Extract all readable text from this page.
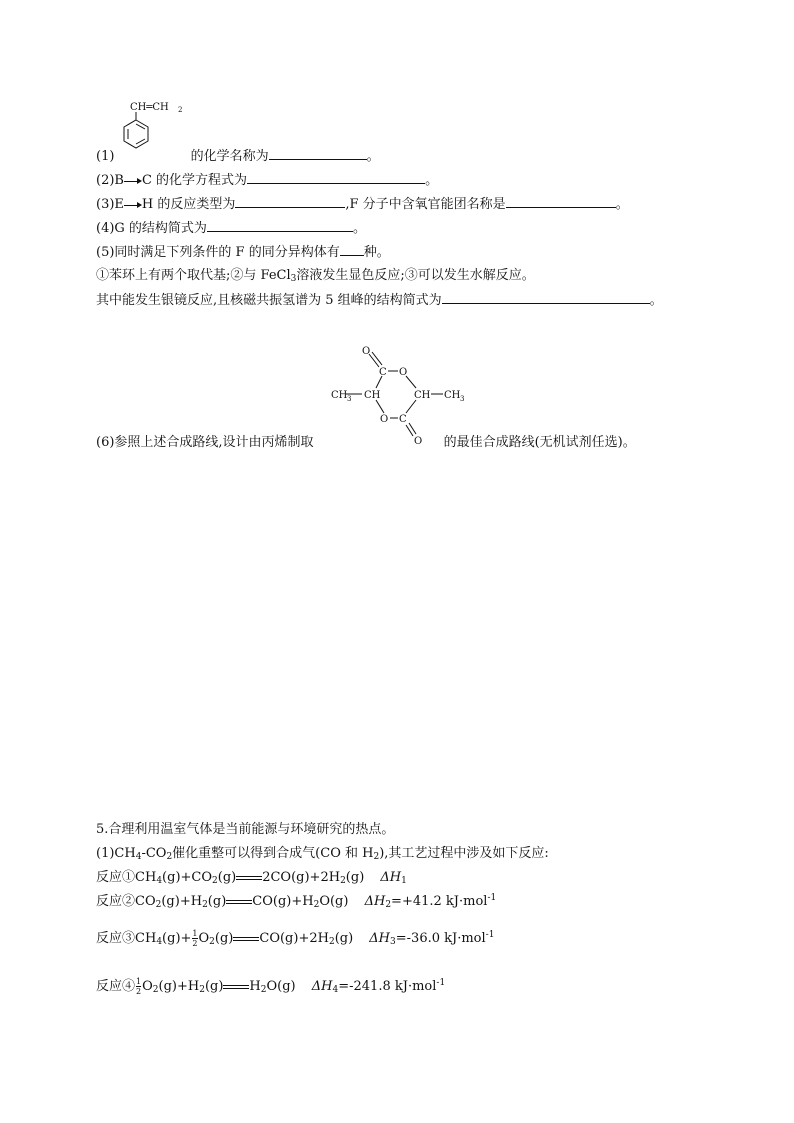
(1)	的化学名称为	。
CH═CH 2
(2)B C 的化学方程式为	。
(3)E H 的反应类型为	,F 分子中含氧官能团名称是	。
(4)G 的结构简式为	。
(5)同时满足下列条件的 F 的同分异构体有 种。
①苯环上有两个取代基;②与 FeCl$_3$溶液发生显色反应;③可以发生水解反应。
其中能发生银镜反应,且核磁共振氢谱为 5 组峰的结构简式为	。
O
C O
CH 3 CH	CH CH 3
O C
O
(6)参照上述合成路线,设计由丙烯制取	的最佳合成路线(无机试剂任选)。
5.合理利用温室气体是当前能源与环境研究的热点。
$(1)CH_4-CO_2$催化重整可以得到合成气(CO 和 $H_2$),其工艺过程中涉及如下反应:
反应$①CH_4(g)+CO_2(g)$ $2CO(g)+2H_2(g)$ $\Delta H_1$
反应$②CO_2(g)+H_2(g)$ $CO(g)+H_2O(g)$ $\Delta H_2=+41.2$ kJ·mol$^{-1}$
反应$③CH_4(g)+ \frac{1}{2} O_2(g)$ $CO(g)+2H_2(g)$ $\Delta H_3=-36.0$ kJ·mol$^{-1}$
反应④ $\frac{1}{2} O_2(g)+H_2(g)$ $H_2O(g)$ $\Delta H_4=-241.8$ kJ·mol$^{-1}$
